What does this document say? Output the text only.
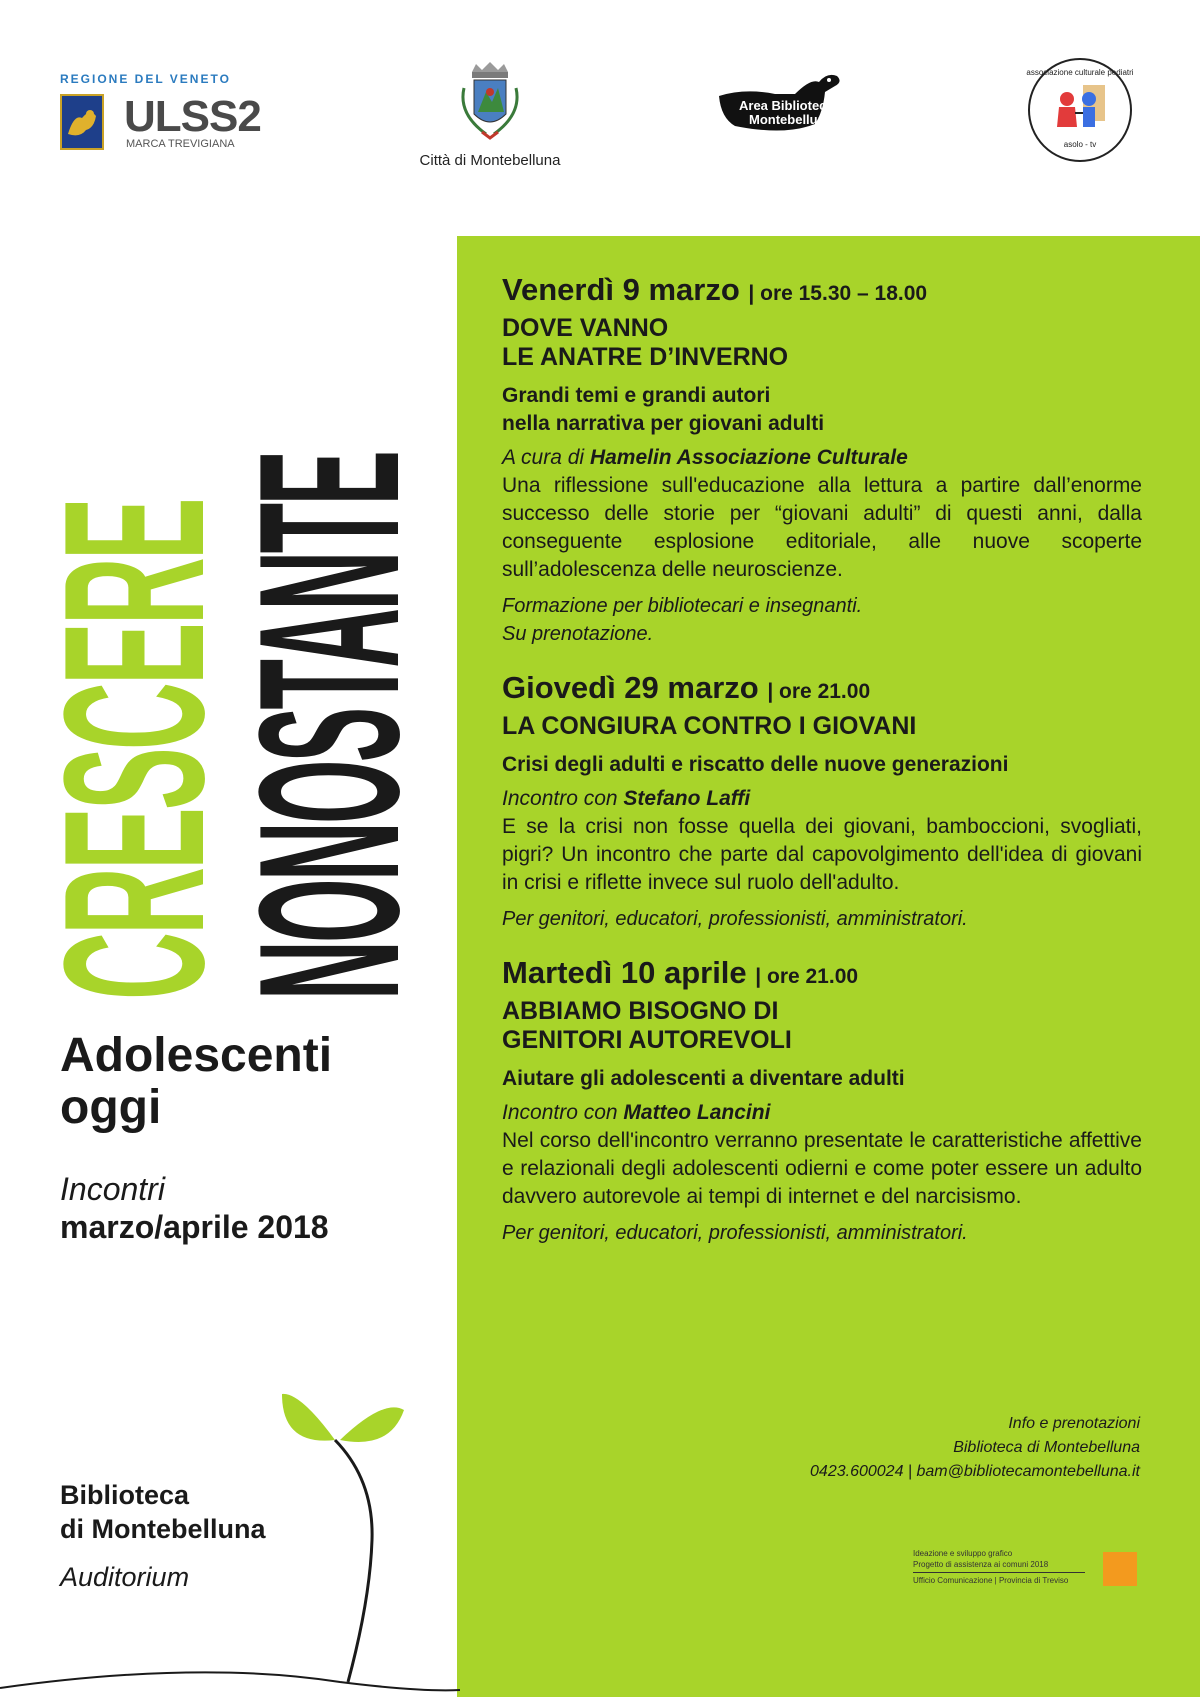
REGIONE DEL VENETO
ULSS2
MARCA TREVIGIANA
Città di Montebelluna
Area Biblioteche
Montebelluna
associazione culturale pediatri
asolo - tv
CRESCERE
NONOSTANTE
Adolescenti
oggi
Incontri
marzo/aprile 2018
Biblioteca
di Montebelluna
Auditorium
Venerdì 9 marzo | ore 15.30 – 18.00
DOVE VANNO
LE ANATRE D’INVERNO
Grandi temi e grandi autori
nella narrativa per giovani adulti
A cura di Hamelin Associazione Culturale
Una riflessione sull'educazione alla lettura a partire dall’enorme successo delle storie per “giovani adulti” di questi anni, dalla conseguente esplosione editoriale, alle nuove scoperte sull’adolescenza delle neuroscienze.
Formazione per bibliotecari e insegnanti.
Su prenotazione.
Giovedì 29 marzo | ore 21.00
LA CONGIURA CONTRO I GIOVANI
Crisi degli adulti e riscatto delle nuove generazioni
Incontro con Stefano Laffi
E se la crisi non fosse quella dei giovani, bamboccioni, svogliati, pigri? Un incontro che parte dal capovolgimento dell'idea di giovani in crisi e riflette invece sul ruolo dell'adulto.
Per genitori, educatori, professionisti, amministratori.
Martedì 10 aprile | ore 21.00
ABBIAMO BISOGNO DI
GENITORI AUTOREVOLI
Aiutare gli adolescenti a diventare adulti
Incontro con Matteo Lancini
Nel corso dell'incontro verranno presentate le caratteristiche affettive e relazionali degli adolescenti odierni e come poter essere un adulto davvero autorevole ai tempi di internet e del narcisismo.
Per genitori, educatori, professionisti, amministratori.
Info e prenotazioni
Biblioteca di Montebelluna
0423.600024 | bam@bibliotecamontebelluna.it
Ideazione e sviluppo grafico
Progetto di assistenza ai comuni 2018
Ufficio Comunicazione | Provincia di Treviso
